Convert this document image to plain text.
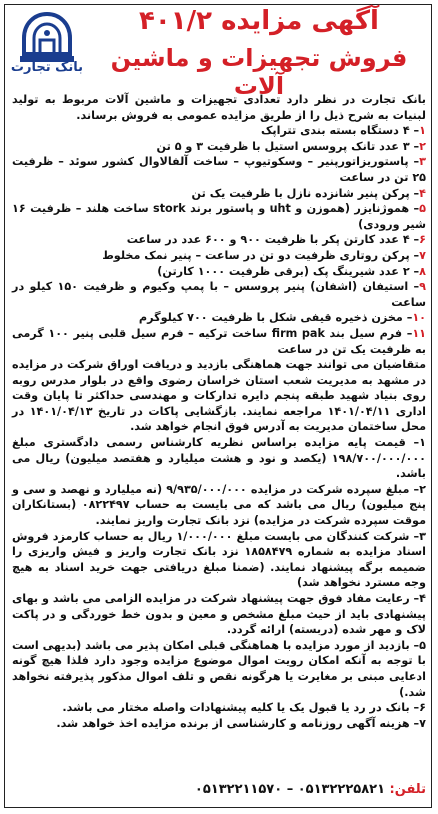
بانک تجارت
آگهی مزایده ۴۰۱/۲
فروش تجهیزات و ماشین آلات	بانک تجارت در نظر دارد تعدادی تجهیزات و ماشین آلات مربوط به تولید لبنیات به شرح ذیل را از طریق مزایده عمومی به فروش برساند.

۱– ۴ دستگاه بسته بندی تتراپک

۲– ۳ عدد تانک پروسس استیل با ظرفیت ۳ و ۵ تن

۳– پاستوریزاتورپنیر – وسکوتیوپ – ساخت آلفالاوال کشور سوئد – ظرفیت ۲۵ تن در ساعت

۴– پرکن پنیر شانزده نازل با ظرفیت یک تن

۵– هموژنایزر (هموزن و uht و پاستور برند stork ساخت هلند – ظرفیت ۱۶ شیر ورودی)

۶– ۴ عدد کارتن پکر با ظرفیت ۹۰۰ و ۶۰۰ عدد در ساعت

۷– پرکن روتاری ظرفیت دو تن در ساعت – پنیر نمک مخلوط

۸– ۲ عدد شیرینگ پک (برقی ظرفیت ۱۰۰۰ کارتن)

۹– استیفان (اشفان) پنیر پروسس – با پمپ وکیوم و ظرفیت ۱۵۰ کیلو در ساعت

۱۰– مخزن ذخیره قیفی شکل با ظرفیت ۷۰۰ کیلوگرم

۱۱– فرم سیل بند firm pak ساخت ترکیه – فرم سیل قلبی پنیر ۱۰۰ گرمی به ظرفیت یک تن در ساعت

متقاضیان می توانند جهت هماهنگی بازدید و دریافت اوراق شرکت در مزایده در مشهد به مدیریت شعب استان خراسان رضوی واقع در بلوار مدرس روبه روی بنیاد شهید طبقه پنجم دایره تدارکات و مهندسی حداکثر تا پایان وقت اداری ۱۴۰۱/۰۴/۱۱ مراجعه نمایند. بازگشایی پاکات در تاریخ ۱۴۰۱/۰۴/۱۳ در محل ساختمان مدیریت به آدرس فوق انجام خواهد شد.

۱– قیمت پایه مزایده براساس نظریه کارشناس رسمی دادگستری مبلغ ۱۹۸/۷۰۰/۰۰۰/۰۰۰ (یکصد و نود و هشت میلیارد و هفتصد میلیون) ریال می باشد.

۲– مبلغ سپرده شرکت در مزایده ۹/۹۳۵/۰۰۰/۰۰۰ (نه میلیارد و نهصد و سی و پنج میلیون) ریال می باشد که می بایست به حساب ۰۸۲۲۴۹۷ (بستانکاران موقت سپرده شرکت در مزایده) نزد بانک تجارت واریز نمایند.

۳– شرکت کنندگان می بایست مبلغ ۱/۰۰۰/۰۰۰ ریال به حساب کارمزد فروش اسناد مزایده به شماره ۱۸۵۸۴۷۹ نزد بانک تجارت واریز و فیش واریزی را ضمیمه برگه پیشنهاد نمایند. (ضمنا مبلغ دریافتی جهت خرید اسناد به هیچ وجه مسترد نخواهد شد)

۴– رعایت مفاد فوق جهت پیشنهاد شرکت در مزایده الزامی می باشد و بهای پیشنهادی باید از حیث مبلغ مشخص و معین و بدون خط خوردگی و در پاکت لاک و مهر شده (دربسته) ارائه گردد.

۵– بازدید از مورد مزایده با هماهنگی قبلی امکان پذیر می باشد (بدیهی است با توجه به آنکه امکان رویت اموال موضوع مزایده وجود دارد فلذا هیچ گونه ادعایی مبنی بر مغایرت یا هرگونه نقص و تلف اموال مذکور پذیرفته نخواهد شد.)

۶– بانک در رد یا قبول یک یا کلیه پیشنهادات واصله مختار می باشد.

۷– هزینه آگهی روزنامه و کارشناسی از برنده مزایده اخذ خواهد شد.

تلفن: ۰۵۱۳۲۲۲۵۸۲۱ – ۰۵۱۳۲۲۱۱۵۷۰
